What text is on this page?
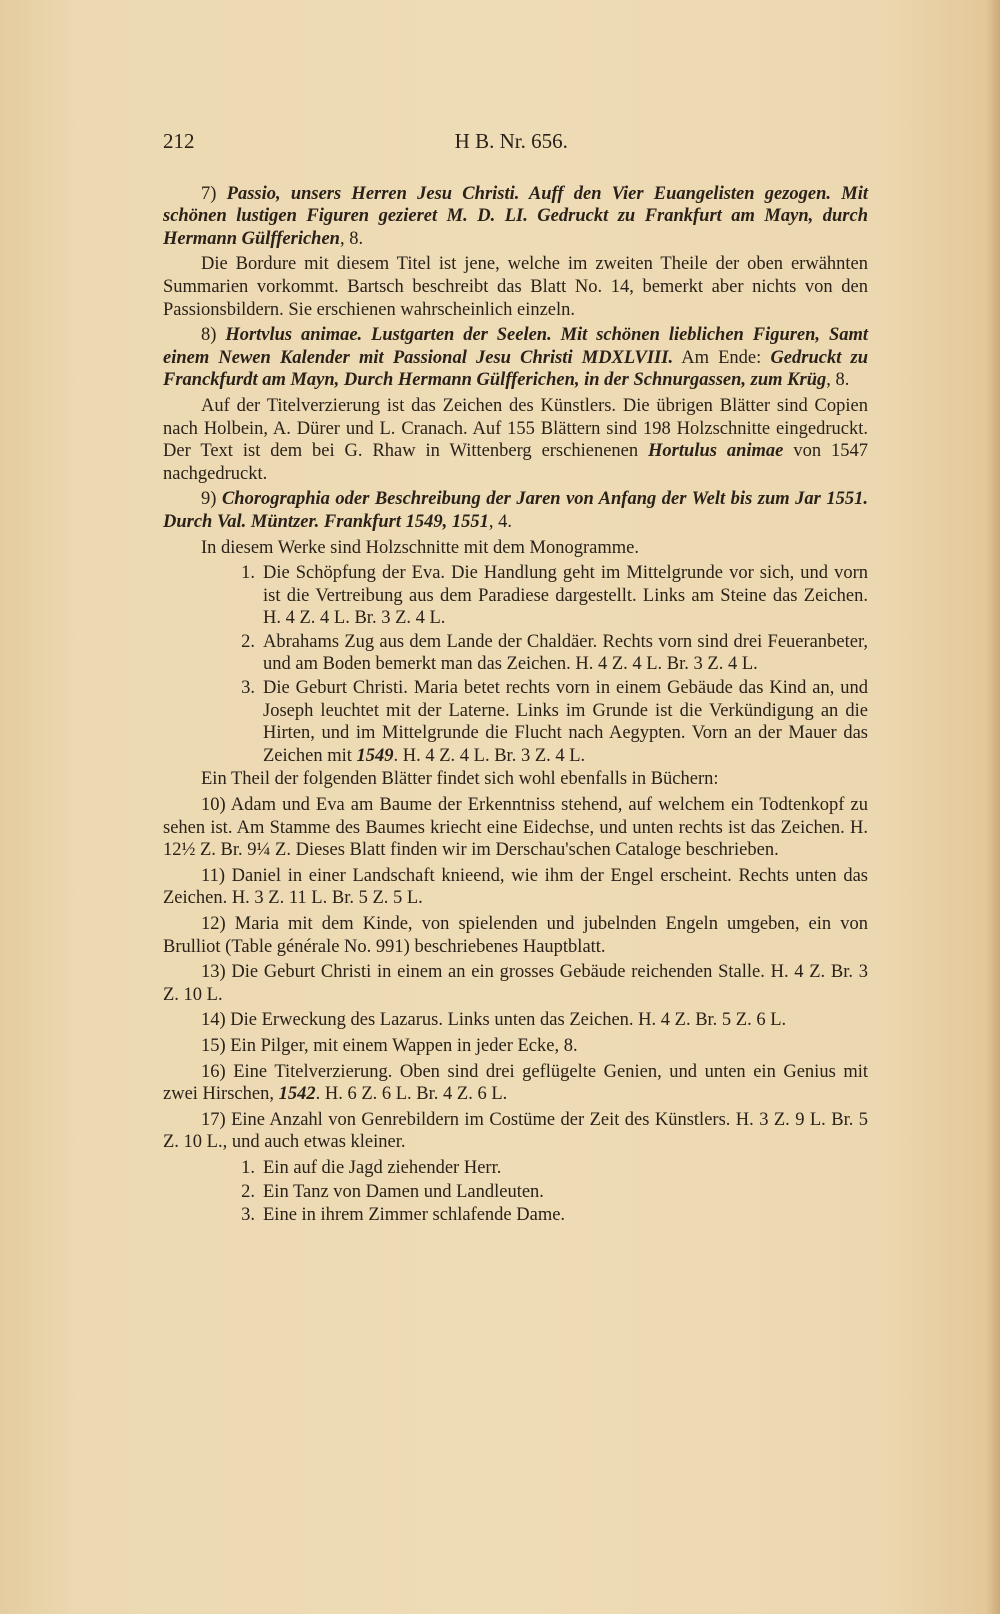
212	H B. Nr. 656.

7) Passio, unsers Herren Jesu Christi. Auff den Vier Euangelisten gezogen. Mit schönen lustigen Figuren gezieret M. D. LI. Gedruckt zu Frankfurt am Mayn, durch Hermann Gülfferichen, 8.

Die Bordure mit diesem Titel ist jene, welche im zweiten Theile der oben erwähnten Summarien vorkommt. Bartsch beschreibt das Blatt No. 14, bemerkt aber nichts von den Passionsbildern. Sie erschienen wahrscheinlich einzeln.

8) Hortvlus animae. Lustgarten der Seelen. Mit schönen lieblichen Figuren, Samt einem Newen Kalender mit Passional Jesu Christi MDXLVIII. Am Ende: Gedruckt zu Franckfurdt am Mayn, Durch Hermann Gülfferichen, in der Schnurgassen, zum Krüg, 8.

Auf der Titelverzierung ist das Zeichen des Künstlers. Die übrigen Blätter sind Copien nach Holbein, A. Dürer und L. Cranach. Auf 155 Blättern sind 198 Holzschnitte eingedruckt. Der Text ist dem bei G. Rhaw in Wittenberg erschienenen Hortulus animae von 1547 nachgedruckt.

9) Chorographia oder Beschreibung der Jaren von Anfang der Welt bis zum Jar 1551. Durch Val. Müntzer. Frankfurt 1549, 1551, 4.

In diesem Werke sind Holzschnitte mit dem Monogramme.

1. Die Schöpfung der Eva. Die Handlung geht im Mittelgrunde vor sich, und vorn ist die Vertreibung aus dem Paradiese dargestellt. Links am Steine das Zeichen. H. 4 Z. 4 L. Br. 3 Z. 4 L.
2. Abrahams Zug aus dem Lande der Chaldäer. Rechts vorn sind drei Feueranbeter, und am Boden bemerkt man das Zeichen. H. 4 Z. 4 L. Br. 3 Z. 4 L.
3. Die Geburt Christi. Maria betet rechts vorn in einem Gebäude das Kind an, und Joseph leuchtet mit der Laterne. Links im Grunde ist die Verkündigung an die Hirten, und im Mittelgrunde die Flucht nach Aegypten. Vorn an der Mauer das Zeichen mit 1549. H. 4 Z. 4 L. Br. 3 Z. 4 L.

Ein Theil der folgenden Blätter findet sich wohl ebenfalls in Büchern:

10) Adam und Eva am Baume der Erkenntniss stehend, auf welchem ein Todtenkopf zu sehen ist. Am Stamme des Baumes kriecht eine Eidechse, und unten rechts ist das Zeichen. H. 12½ Z. Br. 9¼ Z. Dieses Blatt finden wir im Derschau'schen Cataloge beschrieben.

11) Daniel in einer Landschaft knieend, wie ihm der Engel erscheint. Rechts unten das Zeichen. H. 3 Z. 11 L. Br. 5 Z. 5 L.

12) Maria mit dem Kinde, von spielenden und jubelnden Engeln umgeben, ein von Brulliot (Table générale No. 991) beschriebenes Hauptblatt.

13) Die Geburt Christi in einem an ein grosses Gebäude reichenden Stalle. H. 4 Z. Br. 3 Z. 10 L.

14) Die Erweckung des Lazarus. Links unten das Zeichen. H. 4 Z. Br. 5 Z. 6 L.

15) Ein Pilger, mit einem Wappen in jeder Ecke, 8.

16) Eine Titelverzierung. Oben sind drei geflügelte Genien, und unten ein Genius mit zwei Hirschen, 1542. H. 6 Z. 6 L. Br. 4 Z. 6 L.

17) Eine Anzahl von Genrebildern im Costüme der Zeit des Künstlers. H. 3 Z. 9 L. Br. 5 Z. 10 L., und auch etwas kleiner.

1. Ein auf die Jagd ziehender Herr.
2. Ein Tanz von Damen und Landleuten.
3. Eine in ihrem Zimmer schlafende Dame.
